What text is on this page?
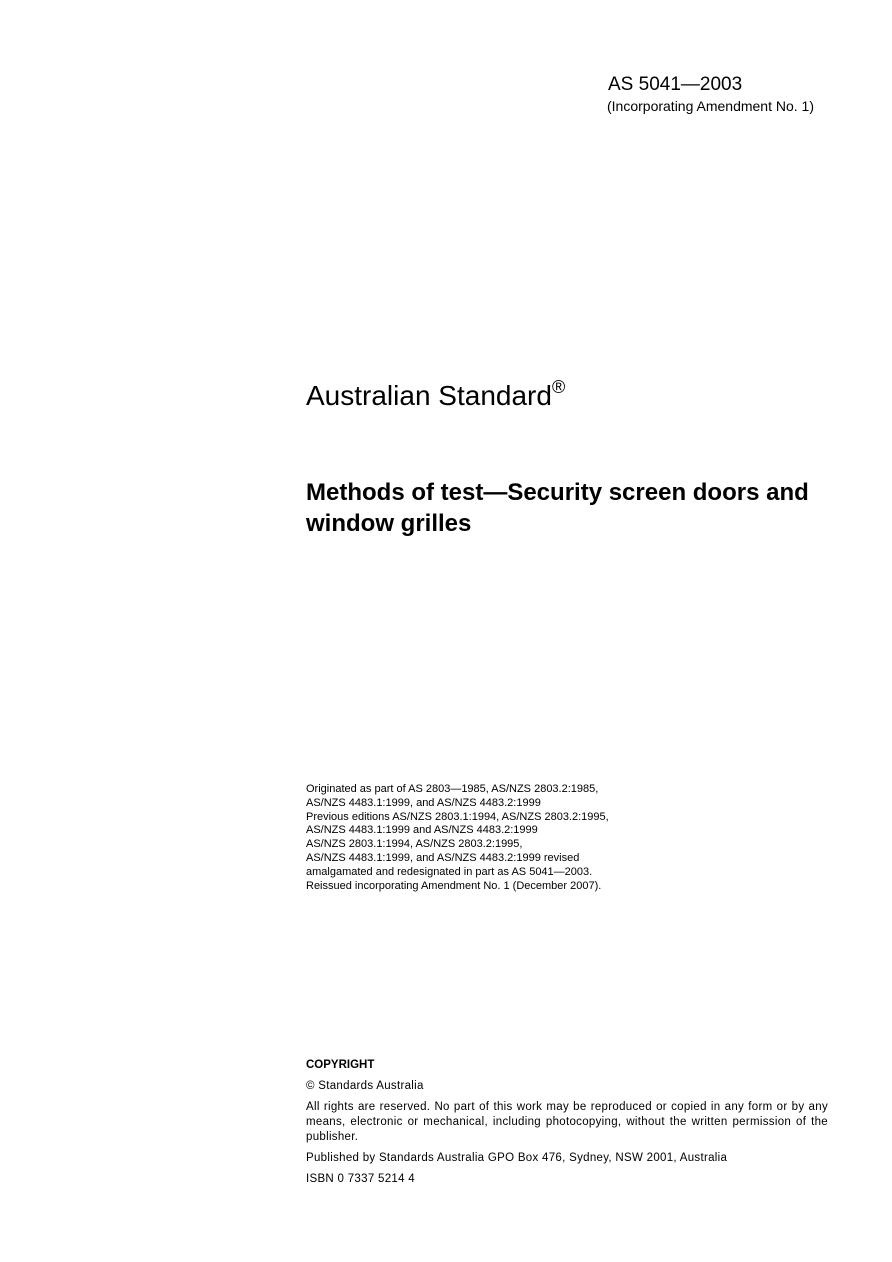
AS 5041—2003
(Incorporating Amendment No. 1)
Australian Standard®
Methods of test—Security screen doors and window grilles
Originated as part of AS 2803—1985, AS/NZS 2803.2:1985,
AS/NZS 4483.1:1999, and AS/NZS 4483.2:1999
Previous editions AS/NZS 2803.1:1994, AS/NZS 2803.2:1995,
AS/NZS 4483.1:1999 and AS/NZS 4483.2:1999
AS/NZS 2803.1:1994, AS/NZS 2803.2:1995,
AS/NZS 4483.1:1999, and AS/NZS 4483.2:1999 revised
amalgamated and redesignated in part as AS 5041—2003.
Reissued incorporating Amendment No. 1 (December 2007).
COPYRIGHT

© Standards Australia

All rights are reserved. No part of this work may be reproduced or copied in any form or by any means, electronic or mechanical, including photocopying, without the written permission of the publisher.

Published by Standards Australia GPO Box 476, Sydney, NSW 2001, Australia

ISBN 0 7337 5214 4
